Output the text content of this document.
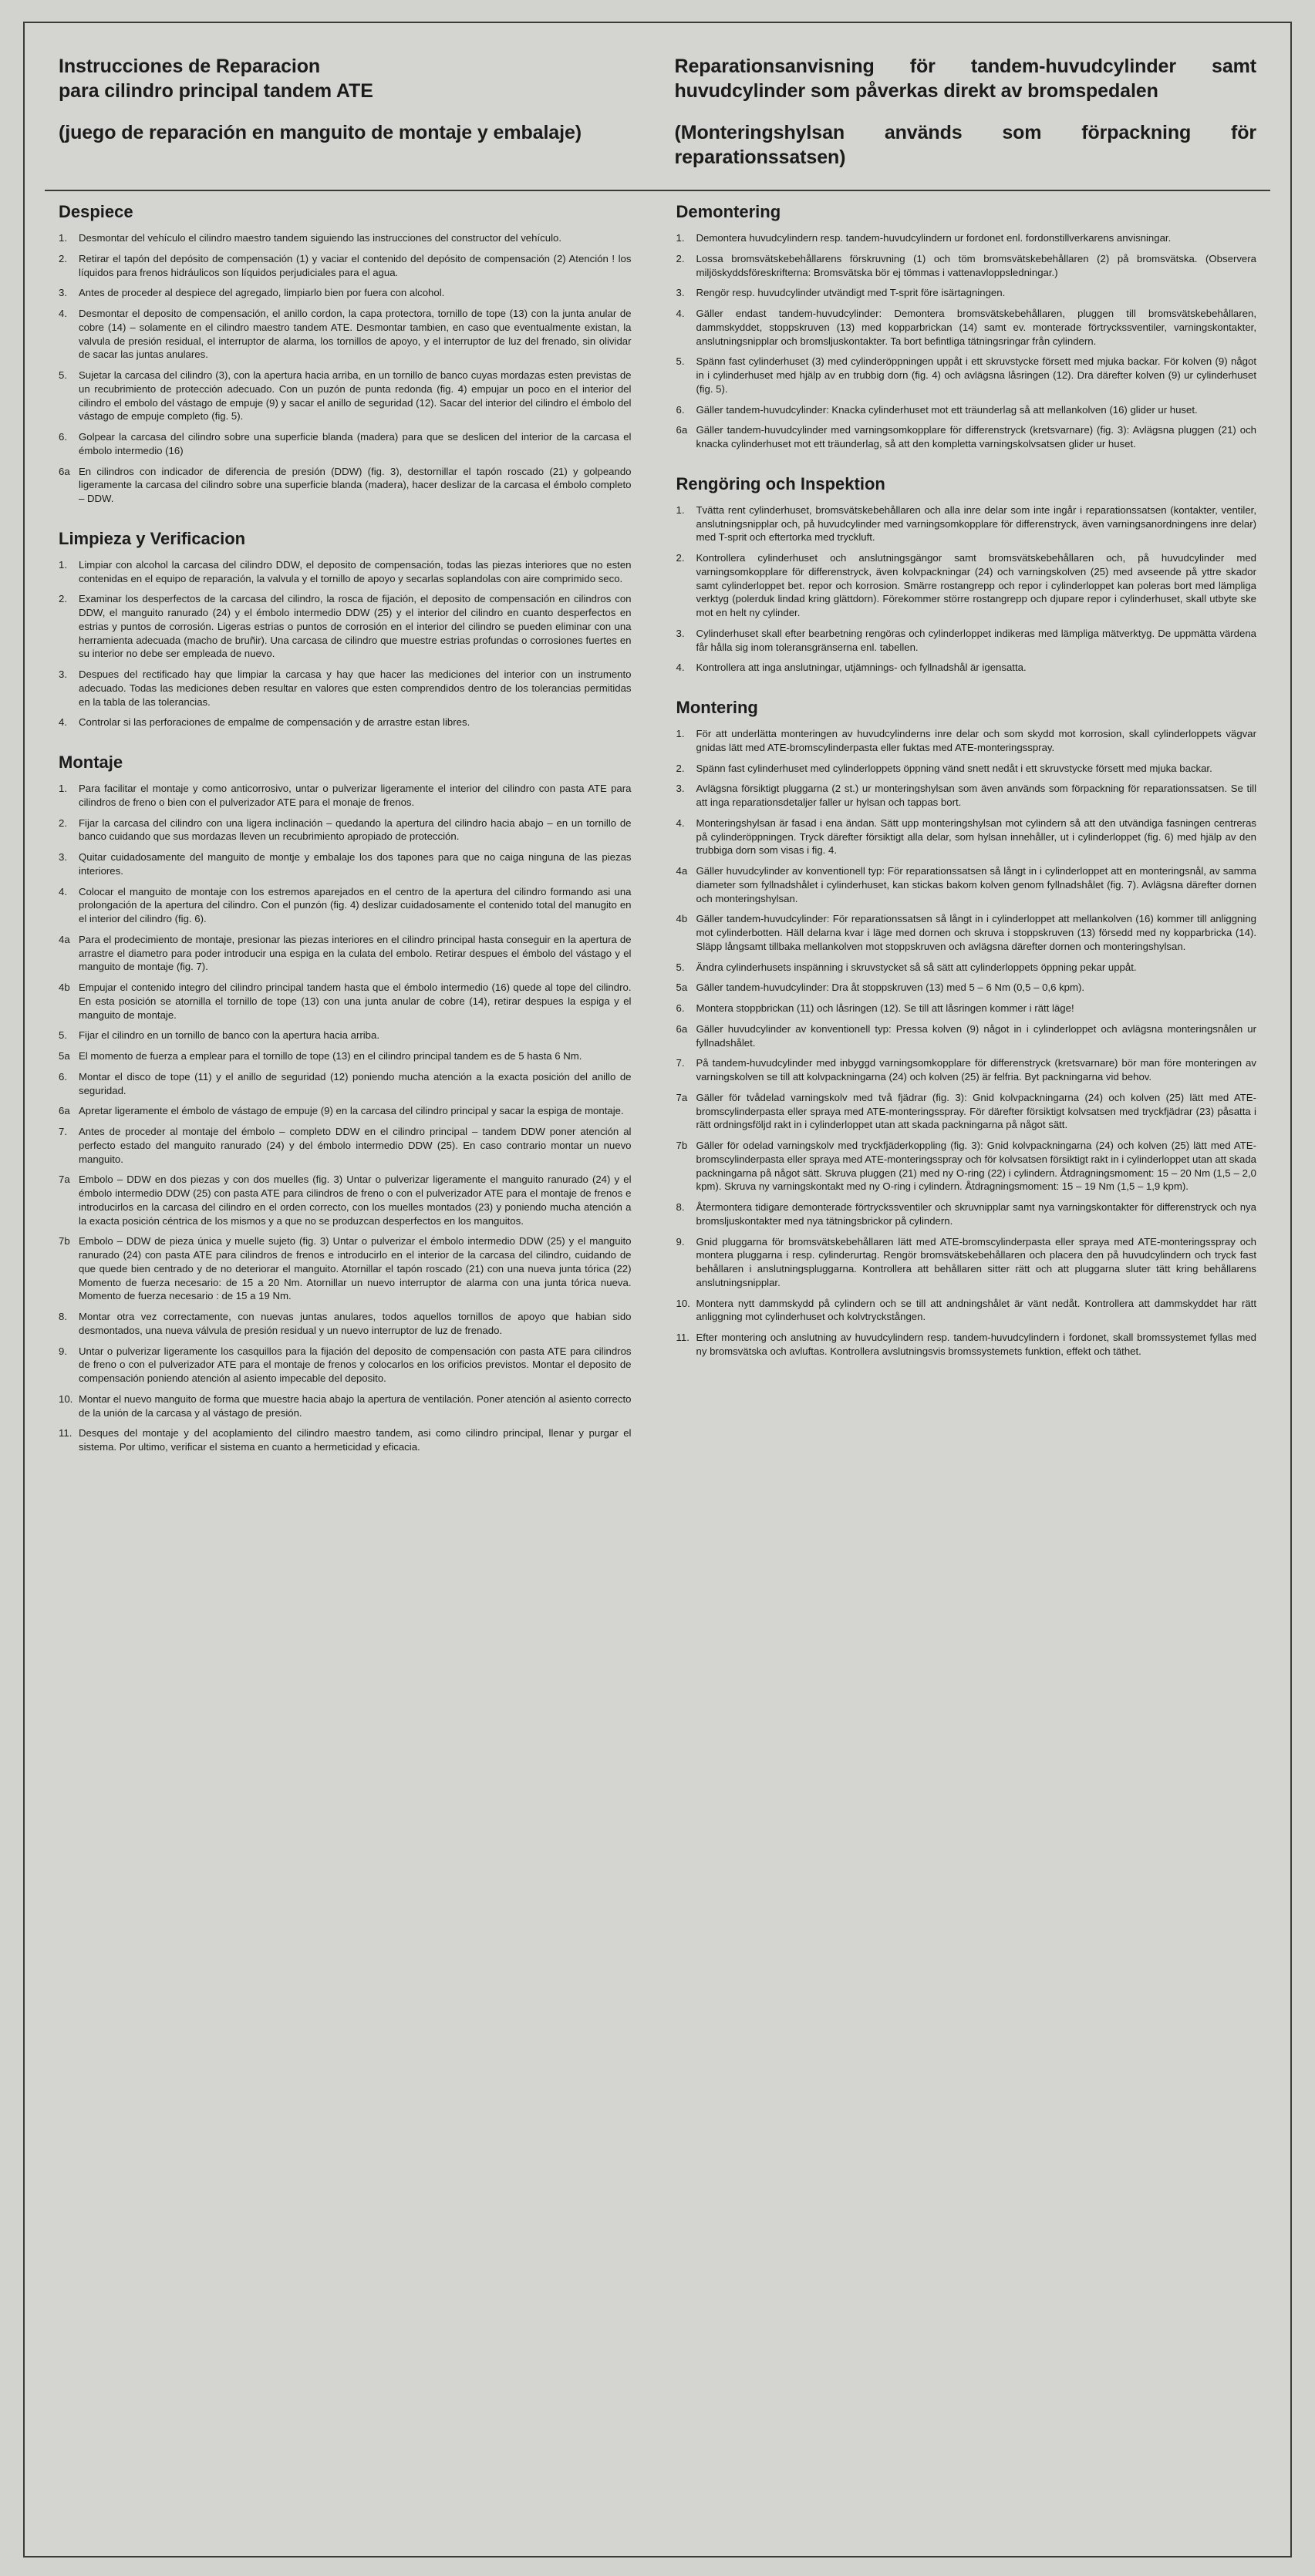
Instrucciones de Reparacion
para cilindro principal tandem ATE
(juego de reparación en manguito de montaje y embalaje)
Reparationsanvisning för tandem-huvudcylinder samt huvudcylinder som påverkas direkt av bromspedalen
(Monteringshylsan används som förpackning för reparationssatsen)
Despiece
1.	Desmontar del vehículo el cilindro maestro tandem siguiendo las instrucciones del constructor del vehículo.
2.	Retirar el tapón del depósito de compensación (1) y vaciar el contenido del depósito de compensación (2) Atención ! los líquidos para frenos hidráulicos son líquidos perjudiciales para el agua.
3.	Antes de proceder al despiece del agregado, limpiarlo bien por fuera con alcohol.
4.	Desmontar el deposito de compensación, el anillo cordon, la capa protectora, tornillo de tope (13) con la junta anular de cobre (14) – solamente en el cilindro maestro tandem ATE. Desmontar tambien, en caso que eventualmente existan, la valvula de presión residual, el interruptor de alarma, los tornillos de apoyo, y el interruptor de luz del frenado, sin olividar de sacar las juntas anulares.
5.	Sujetar la carcasa del cilindro (3), con la apertura hacia arriba, en un tornillo de banco cuyas mordazas esten previstas de un recubrimiento de protección adecuado. Con un puzón de punta redonda (fig. 4) empujar un poco en el interior del cilindro el embolo del vástago de empuje (9) y sacar el anillo de seguridad (12). Sacar del interior del cilindro el émbolo del vástago de empuje completo (fig. 5).
6.	Golpear la carcasa del cilindro sobre una superficie blanda (madera) para que se deslicen del interior de la carcasa el émbolo intermedio (16)
6a En cilindros con indicador de diferencia de presión (DDW) (fig. 3), destornillar el tapón roscado (21) y golpeando ligeramente la carcasa del cilindro sobre una superficie blanda (madera), hacer deslizar de la carcasa el émbolo completo – DDW.
Limpieza y Verificacion
1.	Limpiar con alcohol la carcasa del cilindro DDW, el deposito de compensación, todas las piezas interiores que no esten contenidas en el equipo de reparación, la valvula y el tornillo de apoyo y secarlas soplandolas con aire comprimido seco.
2.	Examinar los desperfectos de la carcasa del cilindro, la rosca de fijación, el deposito de compensación en cilindros con DDW, el manguito ranurado (24) y el émbolo intermedio DDW (25) y el interior del cilindro en cuanto desperfectos en estrias y puntos de corrosión. Ligeras estrias o puntos de corrosión en el interior del cilindro se pueden eliminar con una herramienta adecuada (macho de bruñir). Una carcasa de cilindro que muestre estrias profundas o corrosiones fuertes en su interior no debe ser empleada de nuevo.
3.	Despues del rectificado hay que limpiar la carcasa y hay que hacer las mediciones del interior con un instrumento adecuado. Todas las mediciones deben resultar en valores que esten comprendidos dentro de los tolerancias permitidas en la tabla de las tolerancias.
4.	Controlar si las perforaciones de empalme de compensación y de arrastre estan libres.
Montaje
1.	Para facilitar el montaje y como anticorrosivo, untar o pulverizar ligeramente el interior del cilindro con pasta ATE para cilindros de freno o bien con el pulverizador ATE para el monaje de frenos.
2.	Fijar la carcasa del cilindro con una ligera inclinación – quedando la apertura del cilindro hacia abajo – en un tornillo de banco cuidando que sus mordazas lleven un recubrimiento apropiado de protección.
3.	Quitar cuidadosamente del manguito de montje y embalaje los dos tapones para que no caiga ninguna de las piezas interiores.
4.	Colocar el manguito de montaje con los estremos aparejados en el centro de la apertura del cilindro formando asi una prolongación de la apertura del cilindro. Con el punzón (fig. 4) deslizar cuidadosamente el contenido total del manugito en el interior del cilindro (fig. 6).
4a Para el prodecimiento de montaje, presionar las piezas interiores en el cilindro principal hasta conseguir en la apertura de arrastre el diametro para poder introducir una espiga en la culata del embolo. Retirar despues el émbolo del vástago y el manguito de montaje (fig. 7).
4b Empujar el contenido integro del cilindro principal tandem hasta que el émbolo intermedio (16) quede al tope del cilindro. En esta posición se atornilla el tornillo de tope (13) con una junta anular de cobre (14), retirar despues la espiga y el manguito de montaje.
5.	Fijar el cilindro en un tornillo de banco con la apertura hacia arriba.
5a El momento de fuerza a emplear para el tornillo de tope (13) en el cilindro principal tandem es de 5 hasta 6 Nm.
6.	Montar el disco de tope (11) y el anillo de seguridad (12) poniendo mucha atención a la exacta posición del anillo de seguridad.
6a Apretar ligeramente el émbolo de vástago de empuje (9) en la carcasa del cilindro principal y sacar la espiga de montaje.
7.	Antes de proceder al montaje del émbolo – completo DDW en el cilindro principal – tandem DDW poner atención al perfecto estado del manguito ranurado (24) y del émbolo intermedio DDW (25). En caso contrario montar un nuevo manguito.
7a Embolo – DDW en dos piezas y con dos muelles (fig. 3) Untar o pulverizar ligeramente el manguito ranurado (24) y el émbolo intermedio DDW (25) con pasta ATE para cilindros de freno o con el pulverizador ATE para el montaje de frenos e introducirlos en la carcasa del cilindro en el orden correcto, con los muelles montados (23) y poniendo mucha atención a la exacta posición céntrica de los mismos y a que no se produzcan desperfectos en los manguitos.
7b Embolo – DDW de pieza única y muelle sujeto (fig. 3) Untar o pulverizar el émbolo intermedio DDW (25) y el manguito ranurado (24) con pasta ATE para cilindros de frenos e introducirlo en el interior de la carcasa del cilindro, cuidando de que quede bien centrado y de no deteriorar el manguito. Atornillar el tapón roscado (21) con una nueva junta tórica (22) Momento de fuerza necesario: de 15 a 20 Nm. Atornillar un nuevo interruptor de alarma con una junta tórica nueva. Momento de fuerza necesario : de 15 a 19 Nm.
8.	Montar otra vez correctamente, con nuevas juntas anulares, todos aquellos tornillos de apoyo que habian sido desmontados, una nueva válvula de presión residual y un nuevo interruptor de luz de frenado.
9.	Untar o pulverizar ligeramente los casquillos para la fijación del deposito de compensación con pasta ATE para cilindros de freno o con el pulverizador ATE para el montaje de frenos y colocarlos en los orificios previstos. Montar el deposito de compensación poniendo atención al asiento impecable del deposito.
10. Montar el nuevo manguito de forma que muestre hacia abajo la apertura de ventilación. Poner atención al asiento correcto de la unión de la carcasa y al vástago de presión.
11. Desques del montaje y del acoplamiento del cilindro maestro tandem, asi como cilindro principal, llenar y purgar el sistema. Por ultimo, verificar el sistema en cuanto a hermeticidad y eficacia.
Demontering
1.	Demontera huvudcylindern resp. tandem-huvudcylindern ur fordonet enl. fordonstillverkarens anvisningar.
2.	Lossa bromsvätskebehållarens förskruvning (1) och töm bromsvätskebehållaren (2) på bromsvätska. (Observera miljöskyddsföreskrifterna: Bromsvätska bör ej tömmas i vattenavloppsledningar.)
3.	Rengör resp. huvudcylinder utvändigt med T-sprit före isärtagningen.
4.	Gäller endast tandem-huvudcylinder: Demontera bromsvätskebehållaren, pluggen till bromsvätskebehållaren, dammskyddet, stoppskruven (13) med kopparbrickan (14) samt ev. monterade förtryckssventiler, varningskontakter, anslutningsnipplar och bromsljuskontakter. Ta bort befintliga tätningsringar från cylindern.
5.	Spänn fast cylinderhuset (3) med cylinderöppningen uppåt i ett skruvstycke försett med mjuka backar. För kolven (9) något in i cylinderhuset med hjälp av en trubbig dorn (fig. 4) och avlägsna låsringen (12). Dra därefter kolven (9) ur cylinderhuset (fig. 5).
6.	Gäller tandem-huvudcylinder: Knacka cylinderhuset mot ett träunderlag så att mellankolven (16) glider ur huset.
6a Gäller tandem-huvudcylinder med varningsomkopplare för differenstryck (kretsvarnare) (fig. 3): Avlägsna pluggen (21) och knacka cylinderhuset mot ett träunderlag, så att den kompletta varningskolvsatsen glider ur huset.
Rengöring och Inspektion
1.	Tvätta rent cylinderhuset, bromsvätskebehållaren och alla inre delar som inte ingår i reparationssatsen (kontakter, ventiler, anslutningsnipplar och, på huvudcylinder med varningsomkopplare för differenstryck, även varningsanordningens inre delar) med T-sprit och eftertorka med tryckluft.
2.	Kontrollera cylinderhuset och anslutningsgängor samt bromsvätskebehållaren och, på huvudcylinder med varningsomkopplare för differenstryck, även kolvpackningar (24) och varningskolven (25) med avseende på yttre skador samt cylinderloppet bet. repor och korrosion. Smärre rostangrepp och repor i cylinderloppet kan poleras bort med lämpliga verktyg (polerduk lindad kring glättdorn). Förekommer större rostangrepp och djupare repor i cylinderhuset, skall utbyte ske mot en helt ny cylinder.
3.	Cylinderhuset skall efter bearbetning rengöras och cylinderloppet indikeras med lämpliga mätverktyg. De uppmätta värdena får hålla sig inom toleransgränserna enl. tabellen.
4.	Kontrollera att inga anslutningar, utjämnings- och fyllnadshål är igensatta.
Montering
1.	För att underlätta monteringen av huvudcylinderns inre delar och som skydd mot korrosion, skall cylinderloppets vägvar gnidas lätt med ATE-bromscylinderpasta eller fuktas med ATE-monteringsspray.
2.	Spänn fast cylinderhuset med cylinderloppets öppning vänd snett nedåt i ett skruvstycke försett med mjuka backar.
3.	Avlägsna försiktigt pluggarna (2 st.) ur monteringshylsan som även används som förpackning för reparationssatsen. Se till att inga reparationsdetaljer faller ur hylsan och tappas bort.
4.	Monteringshylsan är fasad i ena ändan. Sätt upp monteringshylsan mot cylindern så att den utvändiga fasningen centreras på cylinderöppningen. Tryck därefter försiktigt alla delar, som hylsan innehåller, ut i cylinderloppet (fig. 6) med hjälp av den trubbiga dorn som visas i fig. 4.
4a Gäller huvudcylinder av konventionell typ: För reparationssatsen så långt in i cylinderloppet att en monteringsnål, av samma diameter som fyllnadshålet i cylinderhuset, kan stickas bakom kolven genom fyllnadshålet (fig. 7). Avlägsna därefter dornen och monteringshylsan.
4b Gäller tandem-huvudcylinder: För reparationssatsen så långt in i cylinderloppet att mellankolven (16) kommer till anliggning mot cylinderbotten. Häll delarna kvar i läge med dornen och skruva i stoppskruven (13) försedd med ny kopparbricka (14). Släpp långsamt tillbaka mellankolven mot stoppskruven och avlägsna därefter dornen och monteringshylsan.
5.	Ändra cylinderhusets inspänning i skruvstycket så så sätt att cylinderloppets öppning pekar uppåt.
5a Gäller tandem-huvudcylinder: Dra åt stoppskruven (13) med 5 – 6 Nm (0,5 – 0,6 kpm).
6.	Montera stoppbrickan (11) och låsringen (12). Se till att låsringen kommer i rätt läge!
6a Gäller huvudcylinder av konventionell typ: Pressa kolven (9) något in i cylinderloppet och avlägsna monteringsnålen ur fyllnadshålet.
7.	På tandem-huvudcylinder med inbyggd varningsomkopplare för differenstryck (kretsvarnare) bör man före monteringen av varningskolven se till att kolvpackningarna (24) och kolven (25) är felfria. Byt packningarna vid behov.
7a Gäller för tvådelad varningskolv med två fjädrar (fig. 3): Gnid kolvpackningarna (24) och kolven (25) lätt med ATE-bromscylinderpasta eller spraya med ATE-monteringsspray. För därefter försiktigt kolvsatsen med tryckfjädrar (23) påsatta i rätt ordningsföljd rakt in i cylinderloppet utan att skada packningarna på något sätt.
7b Gäller för odelad varningskolv med tryckfjäderkoppling (fig. 3): Gnid kolvpackningarna (24) och kolven (25) lätt med ATE-bromscylinderpasta eller spraya med ATE-monteringsspray och för kolvsatsen försiktigt rakt in i cylinderloppet utan att skada packningarna på något sätt. Skruva pluggen (21) med ny O-ring (22) i cylindern. Åtdragningsmoment: 15 – 20 Nm (1,5 – 2,0 kpm). Skruva ny varningskontakt med ny O-ring i cylindern. Åtdragningsmoment: 15 – 19 Nm (1,5 – 1,9 kpm).
8.	Återmontera tidigare demonterade förtryckssventiler och skruvnipplar samt nya varningskontakter för differenstryck och nya bromsljuskontakter med nya tätningsbrickor på cylindern.
9.	Gnid pluggarna för bromsvätskebehållaren lätt med ATE-bromscylinderpasta eller spraya med ATE-monteringsspray och montera pluggarna i resp. cylinderurtag. Rengör bromsvätskebehållaren och placera den på huvudcylindern och tryck fast behållaren i anslutningspluggarna. Kontrollera att behållaren sitter rätt och att pluggarna sluter tätt kring behållarens anslutningsnipplar.
10. Montera nytt dammskydd på cylindern och se till att andningshålet är vänt nedåt. Kontrollera att dammskyddet har rätt anliggning mot cylinderhuset och kolvtryckstången.
11. Efter montering och anslutning av huvudcylindern resp. tandem-huvudcylindern i fordonet, skall bromssystemet fyllas med ny bromsvätska och avluftas. Kontrollera avslutningsvis bromssystemets funktion, effekt och täthet.
